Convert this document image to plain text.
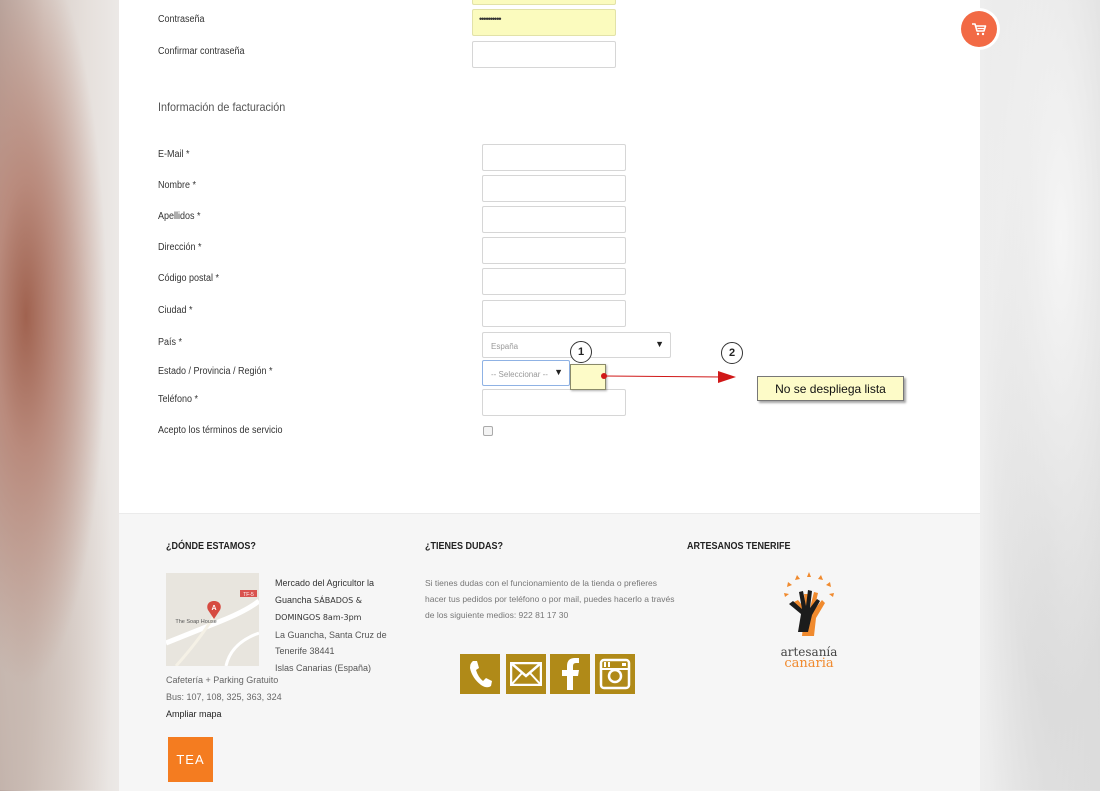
Contraseña	••••••••••
Confirmar contraseña
Información de facturación
E-Mail *
Nombre *
Apellidos *
Dirección *
Código postal *
Ciudad *
País *	España	▼
Estado / Provincia / Región *	-- Seleccionar -- ▼
Teléfono *
Acepto los términos de servicio
1	2
No se despliega lista
¿DÓNDE ESTAMOS?
TF-5
A
The Soap House
Mercado del Agricultor la Guancha SÁBADOS & DOMINGOS 8am-3pm
La Guancha, Santa Cruz de Tenerife 38441
Islas Canarias (España)
Cafetería + Parking Gratuito
Bus: 107, 108, 325, 363, 324
Ampliar mapa
TEA
¿TIENES DUDAS?
Si tienes dudas con el funcionamiento de la tienda o prefieres hacer tus pedidos por teléfono o por mail, puedes hacerlo a través de los siguiente medios: 922 81 17 30
ARTESANOS TENERIFE
artesanía
canaria
